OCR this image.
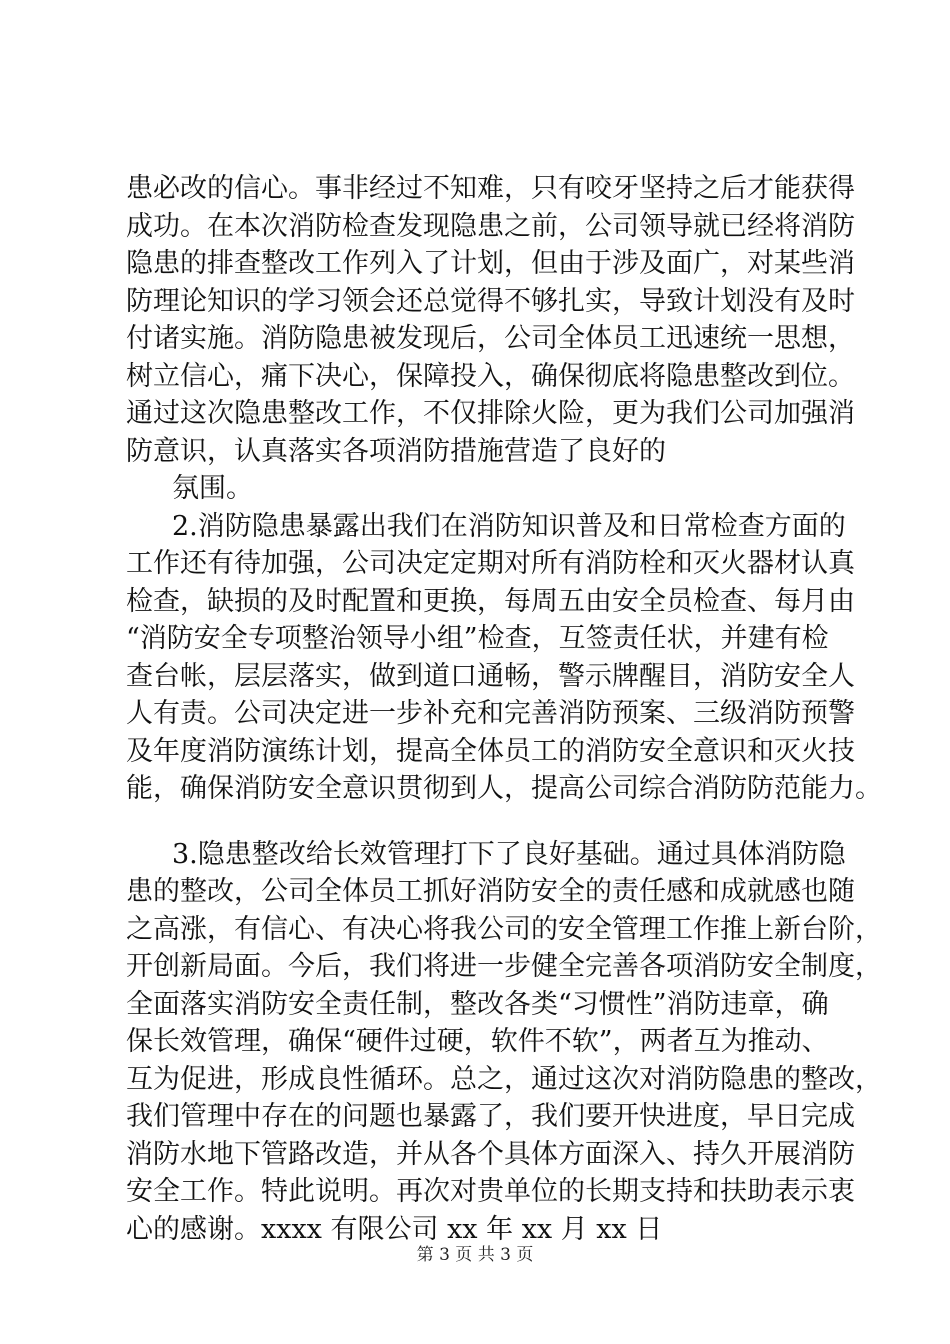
患必改的信心。事非经过不知难，只有咬牙坚持之后才能获得
成功。在本次消防检查发现隐患之前，公司领导就已经将消防
隐患的排查整改工作列入了计划，但由于涉及面广，对某些消
防理论知识的学习领会还总觉得不够扎实，导致计划没有及时
付诸实施。消防隐患被发现后，公司全体员工迅速统一思想，
树立信心，痛下决心，保障投入，确保彻底将隐患整改到位。
通过这次隐患整改工作，不仅排除火险，更为我们公司加强消
防意识，认真落实各项消防措施营造了良好的
氛围。
2.消防隐患暴露出我们在消防知识普及和日常检查方面的
工作还有待加强，公司决定定期对所有消防栓和灭火器材认真
检查，缺损的及时配置和更换，每周五由安全员检查、每月由
“消防安全专项整治领导小组”检查，互签责任状，并建有检
查台帐，层层落实，做到道口通畅，警示牌醒目，消防安全人
人有责。公司决定进一步补充和完善消防预案、三级消防预警
及年度消防演练计划，提高全体员工的消防安全意识和灭火技
能，确保消防安全意识贯彻到人，提高公司综合消防防范能力。
3.隐患整改给长效管理打下了良好基础。通过具体消防隐
患的整改，公司全体员工抓好消防安全的责任感和成就感也随
之高涨，有信心、有决心将我公司的安全管理工作推上新台阶，
开创新局面。今后，我们将进一步健全完善各项消防安全制度，
全面落实消防安全责任制，整改各类“习惯性”消防违章，确
保长效管理，确保“硬件过硬，软件不软”，两者互为推动、
互为促进，形成良性循环。总之，通过这次对消防隐患的整改，
我们管理中存在的问题也暴露了，我们要开快进度，早日完成
消防水地下管路改造，并从各个具体方面深入、持久开展消防
安全工作。特此说明。再次对贵单位的长期支持和扶助表示衷
心的感谢。xxxx 有限公司 xx 年 xx 月 xx 日
第 3 页 共 3 页
